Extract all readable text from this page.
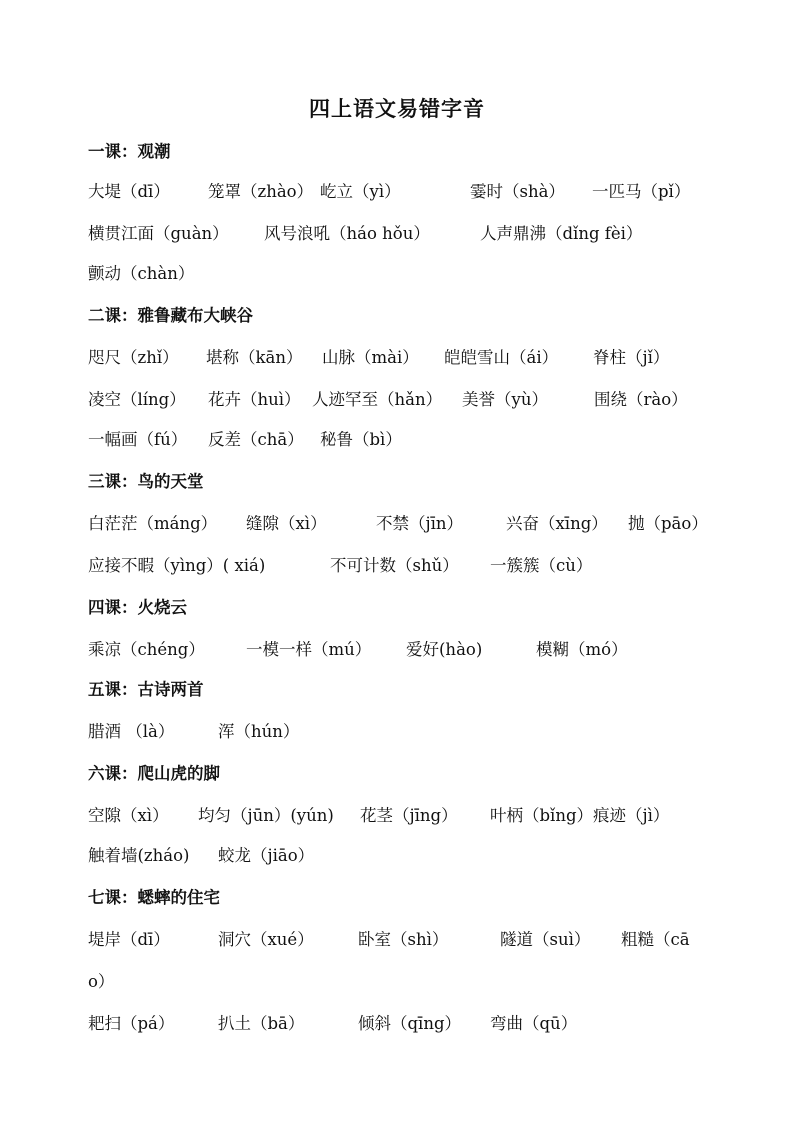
四上语文易错字音
一课：观潮
大堤（dī） 笼罩（zhào） 屹立（yì）	霎时（shà） 一匹马（pǐ）
横贯江面（guàn） 风号浪吼（háo hǒu）	人声鼎沸（dǐng fèi）
颤动（chàn）
二课：雅鲁藏布大峡谷
咫尺（zhǐ） 堪称（kān） 山脉（mài） 皑皑雪山（ái） 脊柱（jǐ）
凌空（líng） 花卉（huì） 人迹罕至（hǎn） 美誉（yù）	围绕（rào）
一幅画（fú） 反差（chā） 秘鲁（bì）
三课：鸟的天堂
白茫茫（máng） 缝隙（xì）	不禁（jīn）	兴奋（xīng） 抛（pāo）
应接不暇（yìng）( xiá)	不可计数（shǔ） 一簇簇（cù）
四课：火烧云
乘凉（chéng） 一模一样（mú） 爱好(hào)	模糊（mó）
五课：古诗两首
腊酒 （là）	浑（hún）
六课：爬山虎的脚
空隙（xì） 均匀（jūn）(yún) 花茎（jīng） 叶柄（bǐng） 痕迹（jì）
触着墙(zháo) 蛟龙（jiāo）
七课：蟋蟀的住宅
堤岸（dī）	洞穴（xué）	卧室（shì）	隧道（suì） 粗糙（cā
o）
耙扫（pá）	扒土（bā）	倾斜（qīng） 弯曲（qū）
